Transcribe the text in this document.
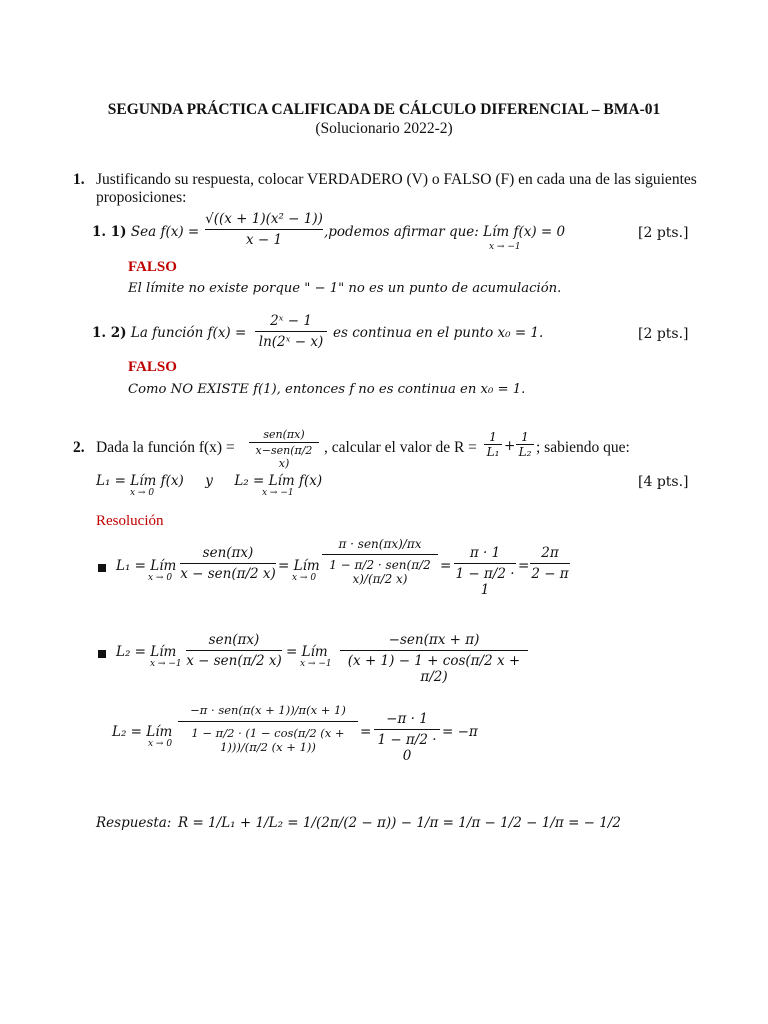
SEGUNDA PRÁCTICA CALIFICADA DE CÁLCULO DIFERENCIAL – BMA-01
(Solucionario 2022-2)
1. Justificando su respuesta, colocar VERDADERO (V) o FALSO (F) en cada una de las siguientes
proposiciones:
1. 1) Sea $f(x) = \frac{\text{√((x + 1)(x² − 1))}}{x - 1}$ ,podemos afirmar que: Lím f(x) = 0
x → −1
[2 pts.]
FALSO
El límite no existe porque " − 1" no es un punto de acumulación.
1. 2) La función $f(x) = \frac{\text{2ˣ − 1}}{\text{ln(2ˣ − x)}}$ es continua en el punto x₀ = 1.	[2 pts.]
FALSO
Como NO EXISTE f(1), entonces f no es continua en x₀ = 1.
2. Dada la función f(x) =
sen(πx)
x−sen(π/2 x)
, calcular el valor de R =
1
L₁ +
1
L₂ ; sabiendo que:
L₁ = Lím f(x)     y     L₂ = Lím f(x)
x → 0	x → −1
[4 pts.]
Resolución
L₁ = Lím
x → 0
sen(πx)
x − sen(π/2 x) = Lím
x → 0
π · sen(πx)/πx
1 − π/2 · sen(π/2 x)/(π/2 x)
= $\frac{\pi \cdot 1}{1 - \pi/2 \cdot 1} = \frac{2\pi}{2 - \pi}$
L₂ = Lím
x → −1
sen(πx)
x − sen(π/2 x)
= Lím
x → −1
−sen(πx + π)
(x + 1) − 1 + cos(π/2 x + π/2)
L₂ = Lím
x → 0
−π · sen(π(x + 1))/π(x + 1)
1 − π/2 · (1 − cos(π/2 (x + 1)))/(π/2 (x + 1))
= $\frac{-\pi \cdot 1}{1 - \pi/2 \cdot 0} = -\pi$
Respuesta: R = 1/L₁ + 1/L₂ = 1/(2π/(2 − π)) − 1/π = 1/π − 1/2 − 1/π = − 1/2
